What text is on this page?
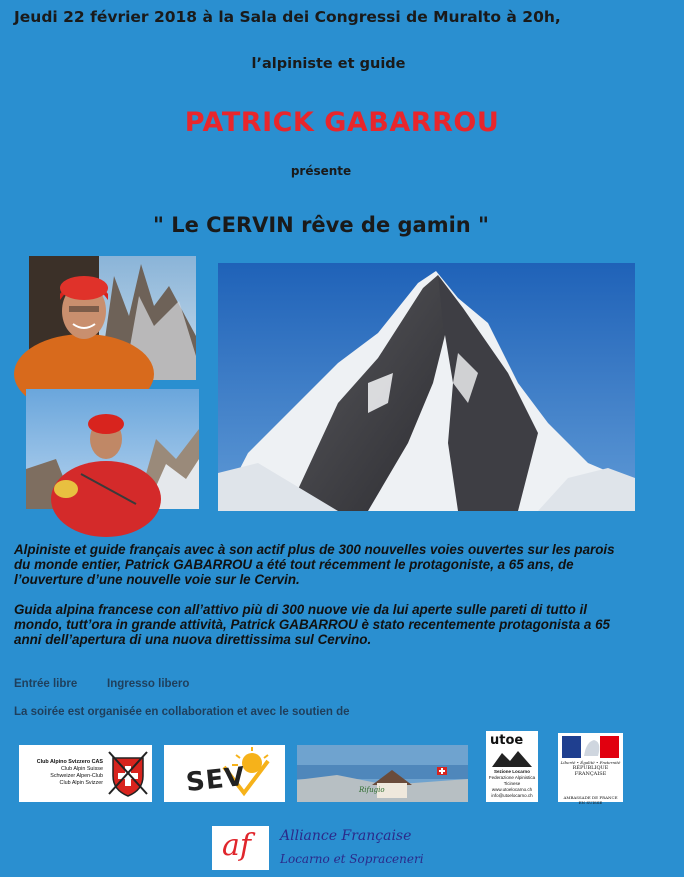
Jeudi 22 février 2018 à la Sala dei Congressi de Muralto à 20h,
l’alpiniste et guide
PATRICK GABARROU
présente
" Le CERVIN rêve de gamin "
Alpiniste et guide français avec à son actif plus de 300 nouvelles voies ouvertes sur les parois du monde entier, Patrick GABARROU a été tout récemment le protagoniste, a 65 ans, de l’ouverture d’une nouvelle voie sur le Cervin.
Guida alpina francese con all’attivo più di 300 nuove vie da lui aperte sulle pareti di tutto il mondo, tutt’ora in grande attività, Patrick GABARROU è stato recentemente protagonista a 65 anni dell’apertura di una nuova direttissima sul Cervino.
Entrée libre	Ingresso libero
La soirée est organisée en collaboration et avec le soutien de
Club Alpino Svizzero CAS
Club Alpin Suisse
Schweizer Alpen-Club
Club Alpin Svizzer	SEV	Rifugio
utoe
Sezione Locarno
Federazione Alpinistica
Ticinese
www.utoelocarno.ch
info@utoelocarno.ch
Liberté • Égalité • Fraternité
RÉPUBLIQUE FRANÇAISE
AMBASSADE DE FRANCE EN SUISSE
af Alliance Française
Locarno et Sopraceneri
